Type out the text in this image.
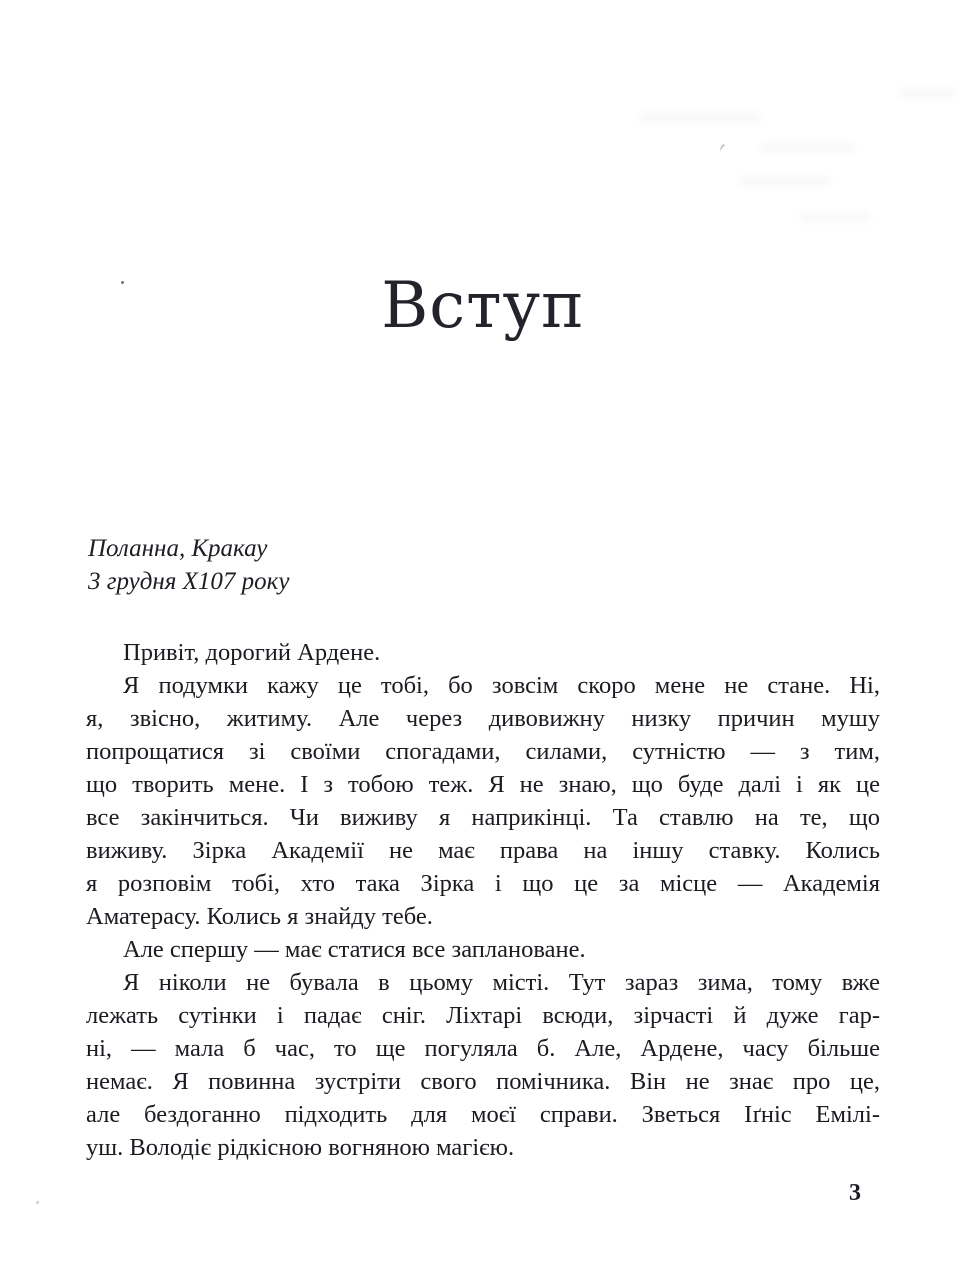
Вступ
Поланна, Кракау
3 грудня Х107 року
Привіт, дорогий Ардене.
Я подумки кажу це тобі, бо зовсім скоро мене не стане. Ні,
я, звісно, житиму. Але через дивовижну низку причин мушу
попрощатися зі своїми спогадами, силами, сутністю — з тим,
що творить мене. І з тобою теж. Я не знаю, що буде далі і як це
все закінчиться. Чи виживу я наприкінці. Та ставлю на те, що
виживу. Зірка Академії не має права на іншу ставку. Колись
я розповім тобі, хто така Зірка і що це за місце — Академія
Аматерасу. Колись я знайду тебе.
Але спершу — має статися все заплановане.
Я ніколи не бувала в цьому місті. Тут зараз зима, тому вже
лежать сутінки і падає сніг. Ліхтарі всюди, зірчасті й дуже гар-
ні, — мала б час, то ще погуляла б. Але, Ардене, часу більше
немає. Я повинна зустріти свого помічника. Він не знає про це,
але бездоганно підходить для моєї справи. Зветься Іґніс Емілі-
уш. Володіє рідкісною вогняною магією.
3
